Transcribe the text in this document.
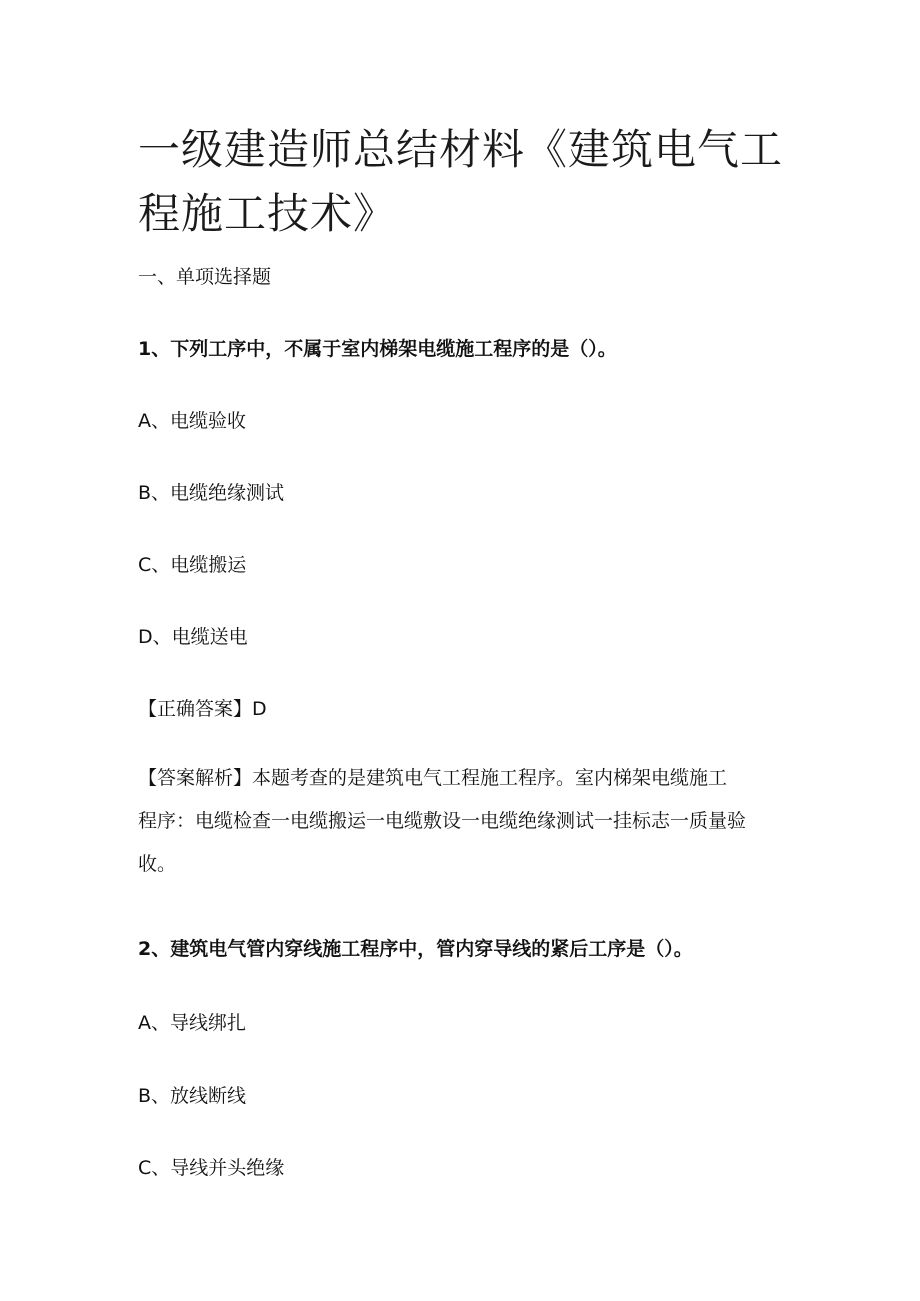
一级建造师总结材料《建筑电气工
程施工技术》
一、单项选择题
1、下列工序中，不属于室内梯架电缆施工程序的是（）。
A、电缆验收
B、电缆绝缘测试
C、电缆搬运
D、电缆送电
【正确答案】D
【答案解析】本题考查的是建筑电气工程施工程序。室内梯架电缆施工
程序：电缆检查一电缆搬运一电缆敷设一电缆绝缘测试一挂标志一质量验
收。
2、建筑电气管内穿线施工程序中，管内穿导线的紧后工序是（）。
A、导线绑扎
B、放线断线
C、导线并头绝缘
